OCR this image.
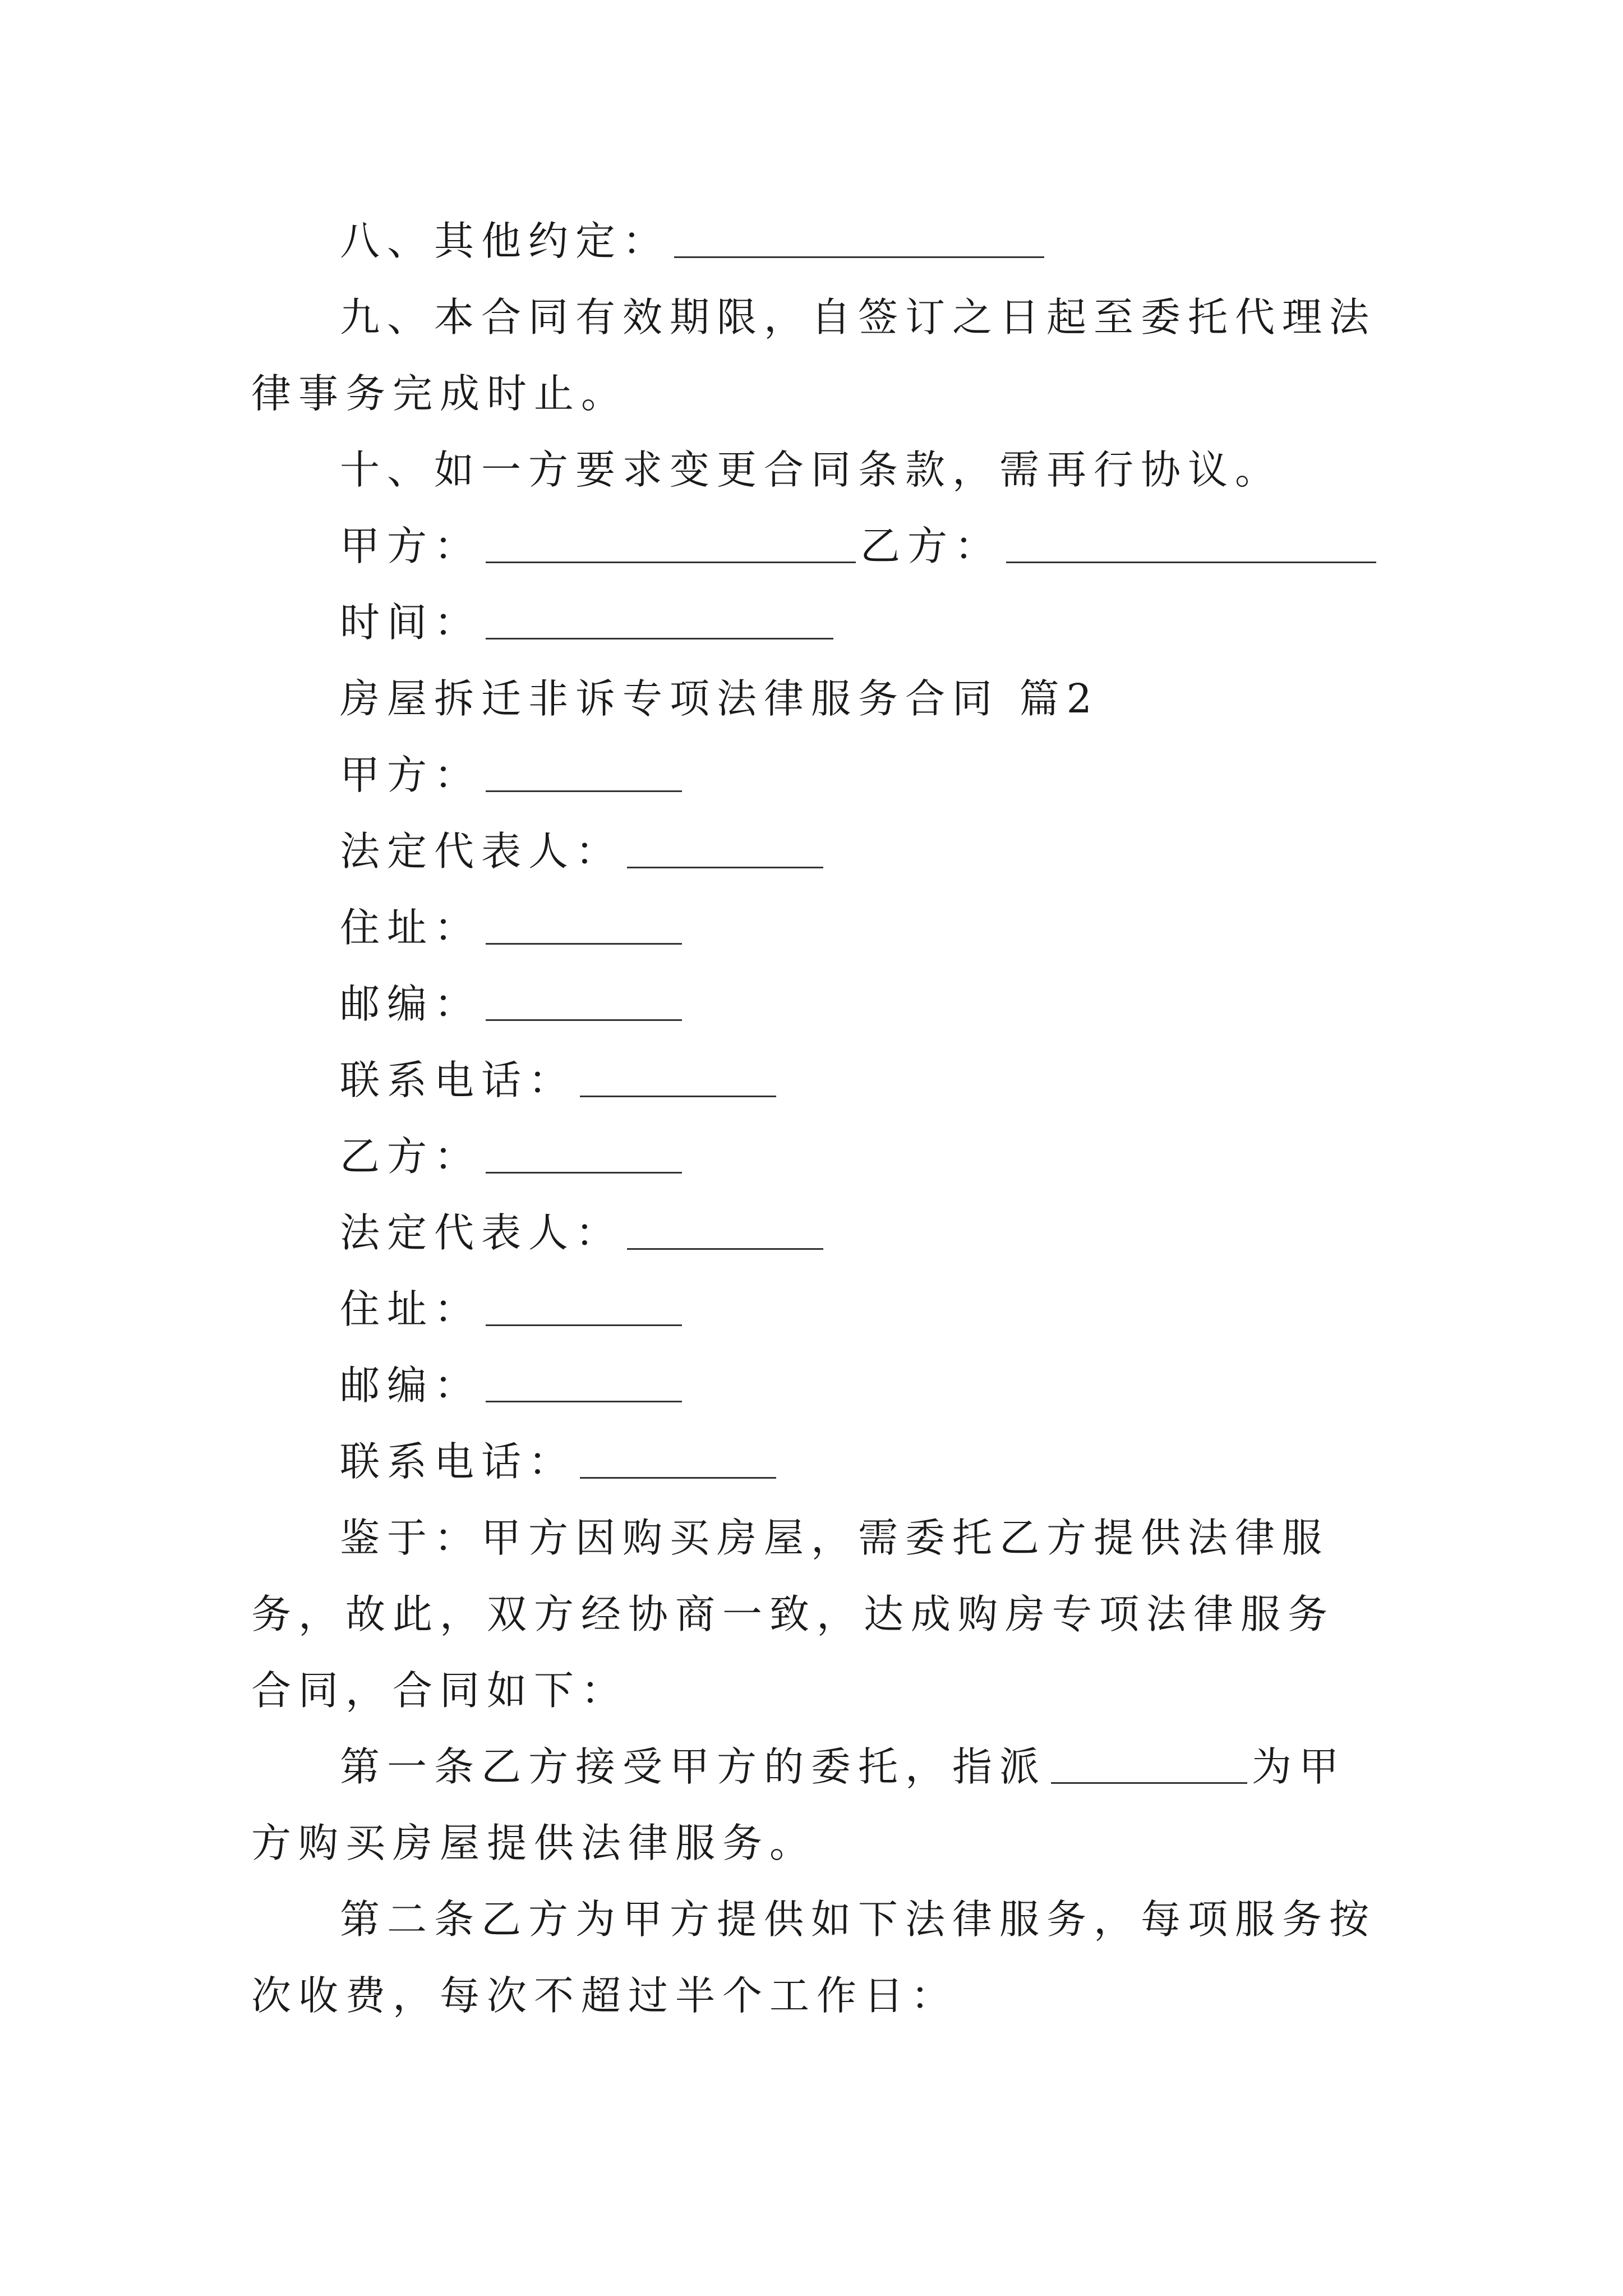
八、其他约定：
九、本合同有效期限，自签订之日起至委托代理法律事务完成时止。
十、如一方要求变更合同条款，需再行协议。
甲方：	乙方：
时间：
房屋拆迁非诉专项法律服务合同 篇2
甲方：
法定代表人：
住址：
邮编：
联系电话：
乙方：
法定代表人：
住址：
邮编：
联系电话：
鉴于：甲方因购买房屋，需委托乙方提供法律服务，故此，双方经协商一致，达成购房专项法律服务合同，合同如下：
第一条乙方接受甲方的委托，指派	为甲方购买房屋提供法律服务。
第二条乙方为甲方提供如下法律服务，每项服务按次收费，每次不超过半个工作日：
